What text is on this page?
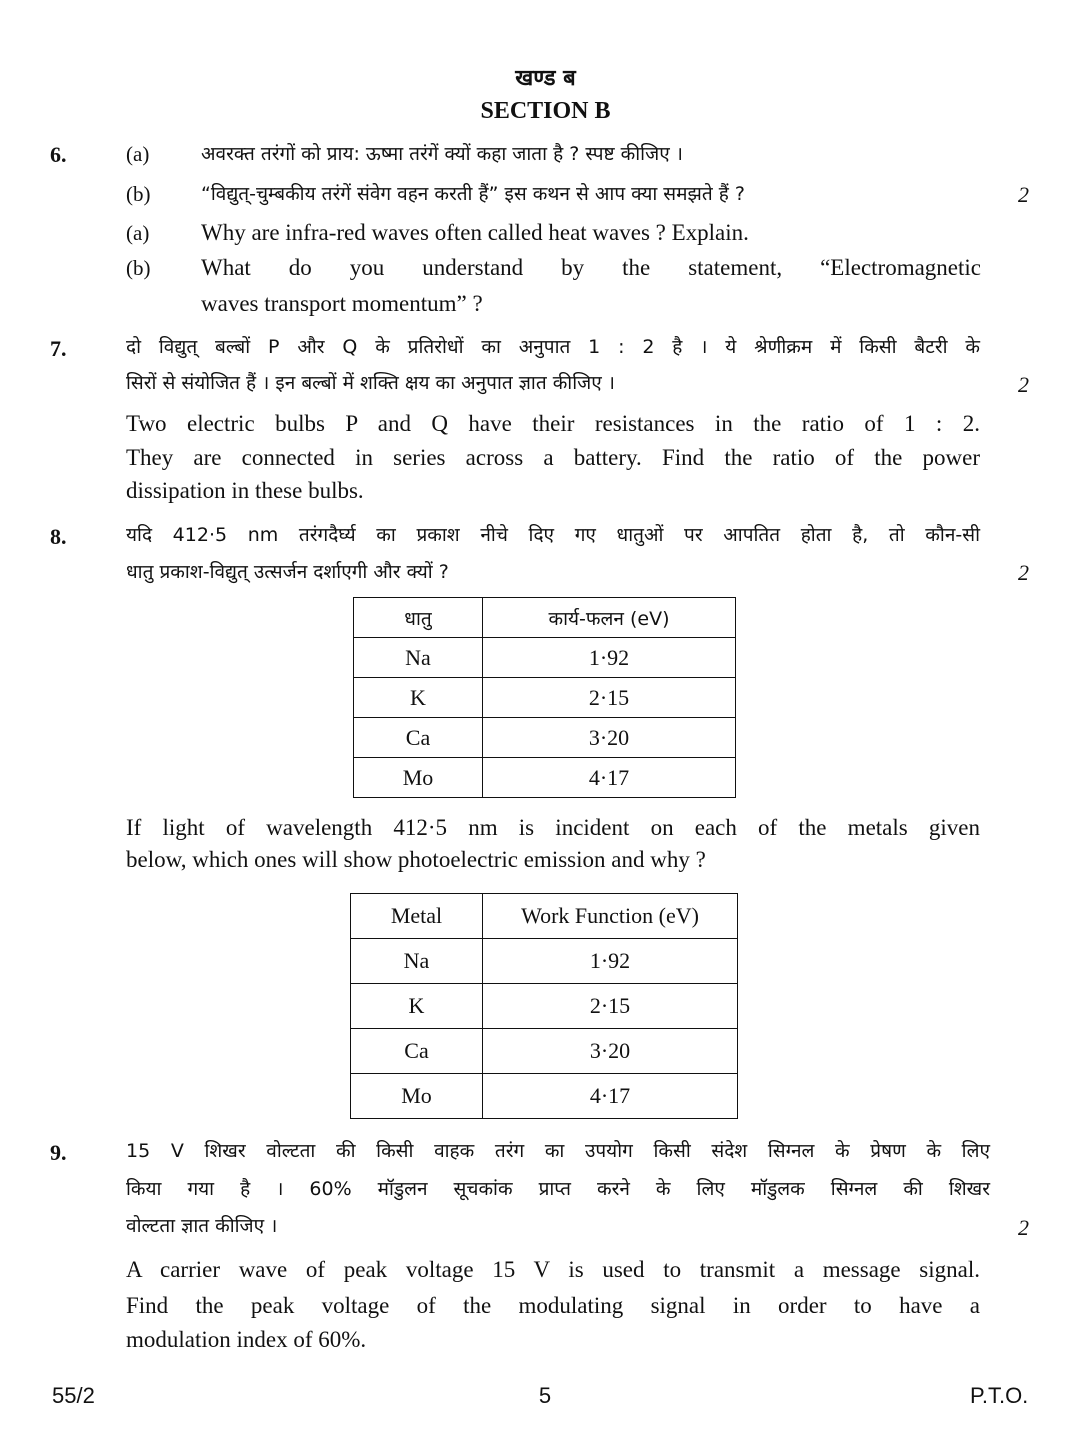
खण्ड ब
SECTION B
6.	(a)	अवरक्त तरंगों को प्राय: ऊष्मा तरंगें क्यों कहा जाता है ? स्पष्ट कीजिए ।
(b)	“विद्युत्-चुम्बकीय तरंगें संवेग वहन करती हैं” इस कथन से आप क्या समझते हैं ?	2
(a) Why are infra-red waves often called heat waves ? Explain.
(b) What do you understand by the statement, “Electromagnetic
waves transport momentum” ?
7.	दो विद्युत् बल्बों P और Q के प्रतिरोधों का अनुपात 1 : 2 है । ये श्रेणीक्रम में किसी बैटरी के
सिरों से संयोजित हैं । इन बल्बों में शक्ति क्षय का अनुपात ज्ञात कीजिए ।	2
Two electric bulbs P and Q have their resistances in the ratio of 1 : 2.
They are connected in series across a battery. Find the ratio of the power
dissipation in these bulbs.
8.	यदि 412·5 nm तरंगदैर्घ्य का प्रकाश नीचे दिए गए धातुओं पर आपतित होता है, तो कौन-सी
धातु प्रकाश-विद्युत् उत्सर्जन दर्शाएगी और क्यों ?	2
धातु	कार्य-फलन (eV)
Na	1·92
K	2·15
Ca	3·20
Mo	4·17
If light of wavelength 412·5 nm is incident on each of the metals given
below, which ones will show photoelectric emission and why ?
Metal	Work Function (eV)
Na	1·92
K	2·15
Ca	3·20
Mo	4·17
9.	15 V शिखर वोल्टता की किसी वाहक तरंग का उपयोग किसी संदेश सिग्नल के प्रेषण के लिए
किया गया है । 60% मॉडुलन सूचकांक प्राप्त करने के लिए मॉडुलक सिग्नल की शिखर
वोल्टता ज्ञात कीजिए ।	2
A carrier wave of peak voltage 15 V is used to transmit a message signal.
Find the peak voltage of the modulating signal in order to have a
modulation index of 60%.
55/2	5	P.T.O.
